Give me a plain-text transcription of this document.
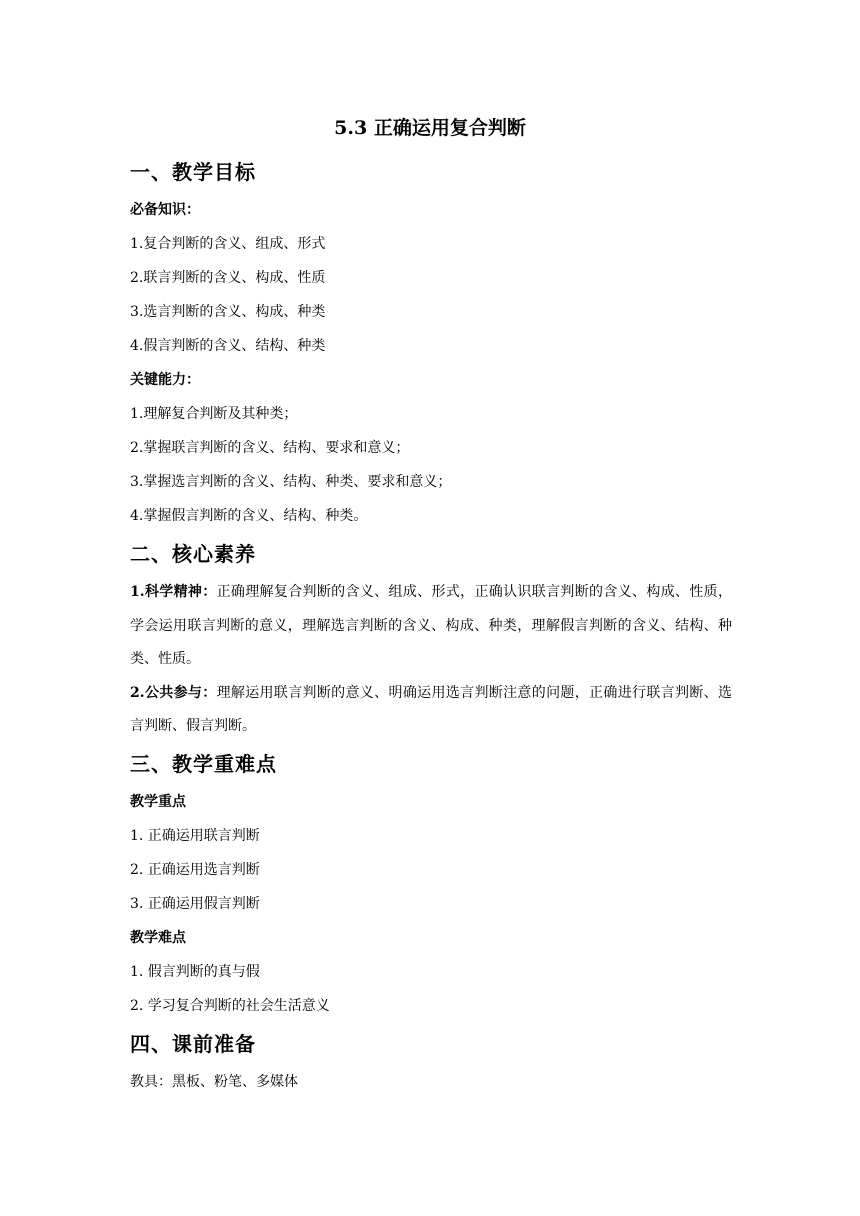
5.3 正确运用复合判断
一、教学目标
必备知识：
1.复合判断的含义、组成、形式
2.联言判断的含义、构成、性质
3.选言判断的含义、构成、种类
4.假言判断的含义、结构、种类
关键能力：
1.理解复合判断及其种类；
2.掌握联言判断的含义、结构、要求和意义；
3.掌握选言判断的含义、结构、种类、要求和意义；
4.掌握假言判断的含义、结构、种类。
二、核心素养

1.科学精神：正确理解复合判断的含义、组成、形式，正确认识联言判断的含义、构成、性质，学会运用联言判断的意义，理解选言判断的含义、构成、种类，理解假言判断的含义、结构、种类、性质。

2.公共参与：理解运用联言判断的意义、明确运用选言判断注意的问题，正确进行联言判断、选言判断、假言判断。

三、教学重难点
教学重点
1. 正确运用联言判断
2. 正确运用选言判断
3. 正确运用假言判断
教学难点
1. 假言判断的真与假
2. 学习复合判断的社会生活意义
四、课前准备
教具：黑板、粉笔、多媒体
